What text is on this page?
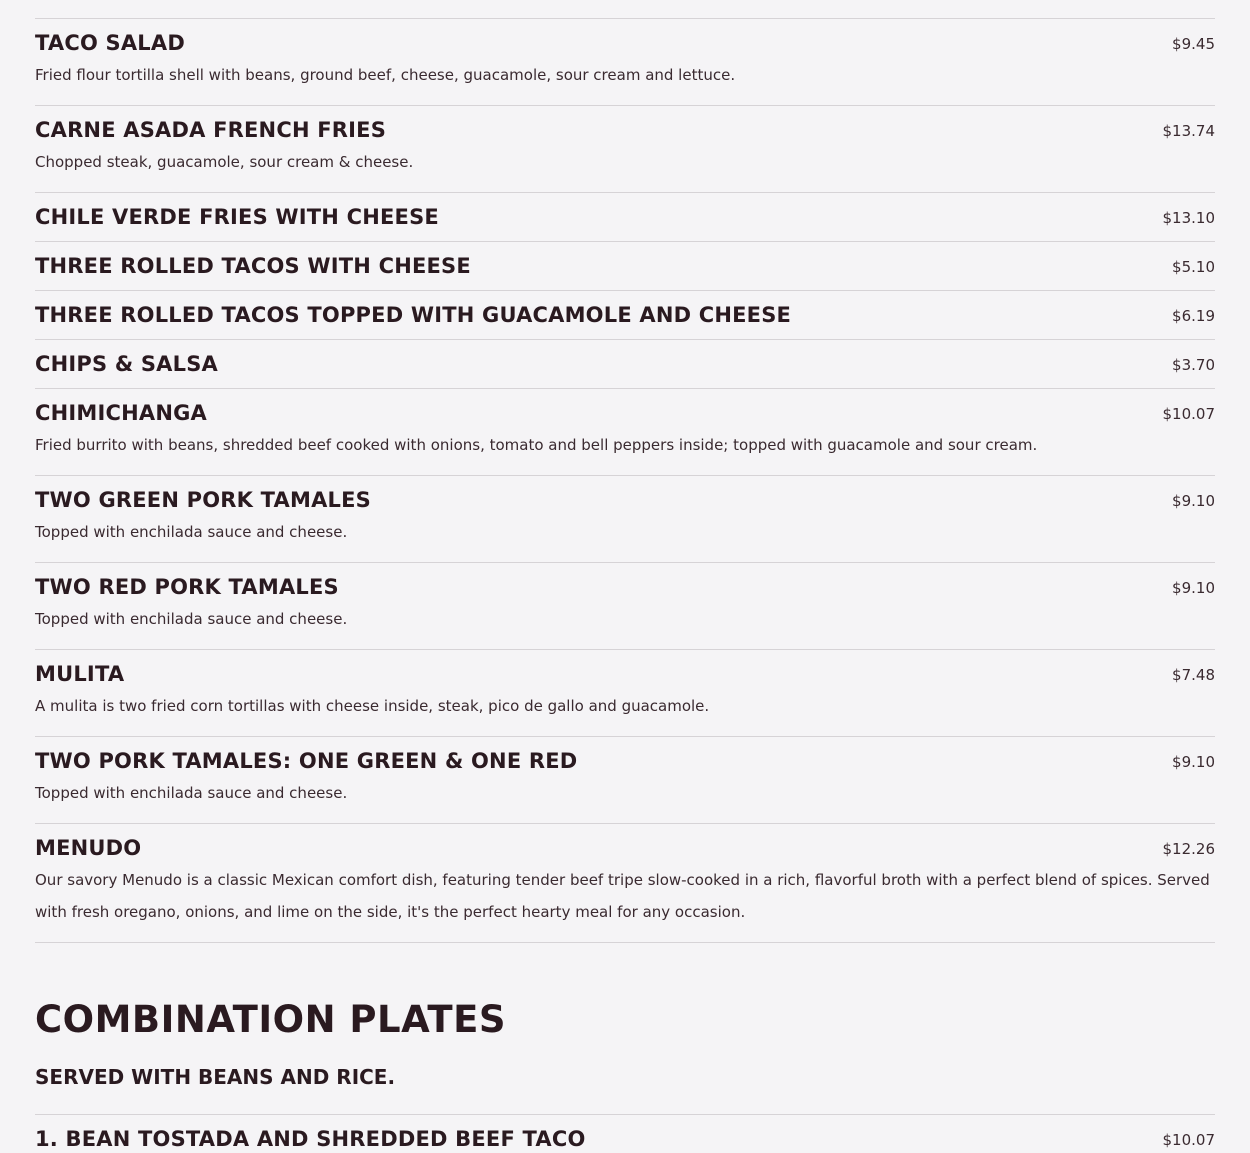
TACO SALAD	$9.45
Fried flour tortilla shell with beans, ground beef, cheese, guacamole, sour cream and lettuce.
CARNE ASADA FRENCH FRIES	$13.74
Chopped steak, guacamole, sour cream & cheese.
CHILE VERDE FRIES WITH CHEESE	$13.10
THREE ROLLED TACOS WITH CHEESE	$5.10
THREE ROLLED TACOS TOPPED WITH GUACAMOLE AND CHEESE	$6.19
CHIPS & SALSA	$3.70
CHIMICHANGA	$10.07
Fried burrito with beans, shredded beef cooked with onions, tomato and bell peppers inside; topped with guacamole and sour cream.
TWO GREEN PORK TAMALES	$9.10
Topped with enchilada sauce and cheese.
TWO RED PORK TAMALES	$9.10
Topped with enchilada sauce and cheese.
MULITA	$7.48
A mulita is two fried corn tortillas with cheese inside, steak, pico de gallo and guacamole.
TWO PORK TAMALES: ONE GREEN & ONE RED	$9.10
Topped with enchilada sauce and cheese.
MENUDO	$12.26
Our savory Menudo is a classic Mexican comfort dish, featuring tender beef tripe slow-cooked in a rich, flavorful broth with a perfect blend of spices. Served with fresh oregano, onions, and lime on the side, it's the perfect hearty meal for any occasion.
COMBINATION PLATES
SERVED WITH BEANS AND RICE.
1. BEAN TOSTADA AND SHREDDED BEEF TACO	$10.07
